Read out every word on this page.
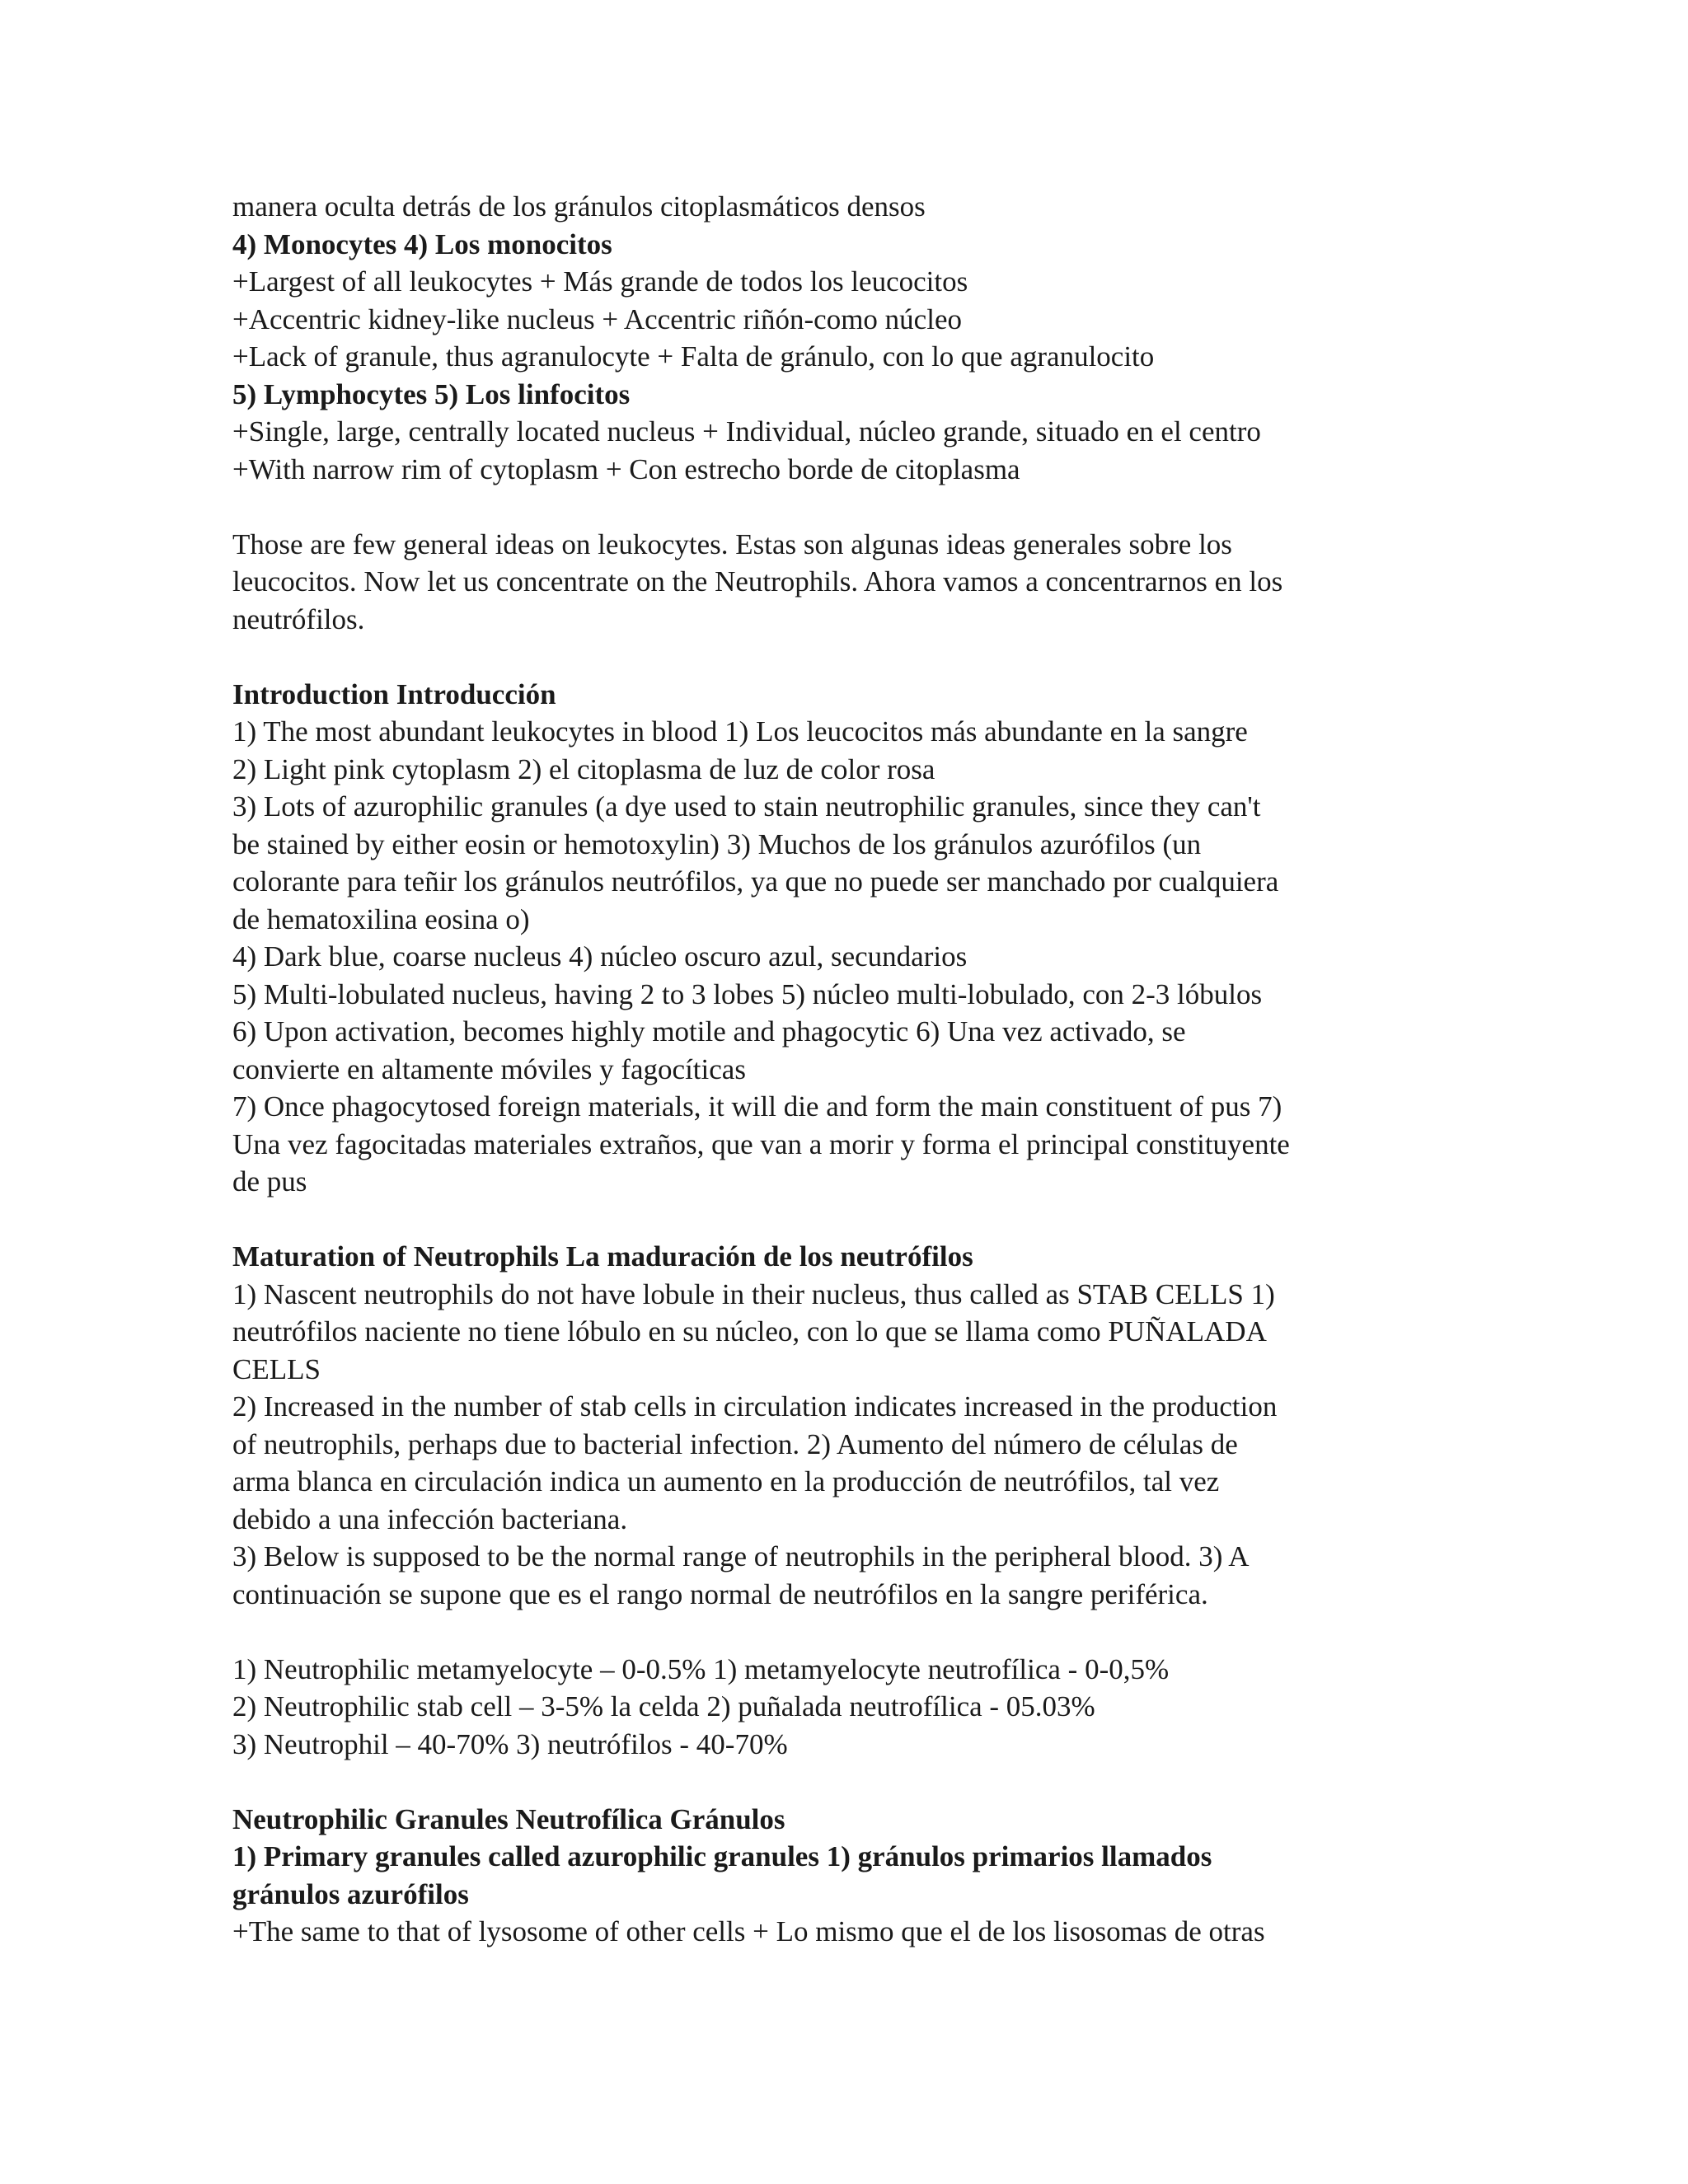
manera oculta detrás de los gránulos citoplasmáticos densos
4) Monocytes 4) Los monocitos
+Largest of all leukocytes + Más grande de todos los leucocitos
+Accentric kidney-like nucleus + Accentric riñón-como núcleo
+Lack of granule, thus agranulocyte + Falta de gránulo, con lo que agranulocito
5) Lymphocytes 5) Los linfocitos
+Single, large, centrally located nucleus + Individual, núcleo grande, situado en el centro
+With narrow rim of cytoplasm + Con estrecho borde de citoplasma
Those are few general ideas on leukocytes. Estas son algunas ideas generales sobre los
leucocitos. Now let us concentrate on the Neutrophils. Ahora vamos a concentrarnos en los
neutrófilos.
Introduction Introducción
1) The most abundant leukocytes in blood 1) Los leucocitos más abundante en la sangre
2) Light pink cytoplasm 2) el citoplasma de luz de color rosa
3) Lots of azurophilic granules (a dye used to stain neutrophilic granules, since they can't
be stained by either eosin or hemotoxylin) 3) Muchos de los gránulos azurófilos (un
colorante para teñir los gránulos neutrófilos, ya que no puede ser manchado por cualquiera
de hematoxilina eosina o)
4) Dark blue, coarse nucleus 4) núcleo oscuro azul, secundarios
5) Multi-lobulated nucleus, having 2 to 3 lobes 5) núcleo multi-lobulado, con 2-3 lóbulos
6) Upon activation, becomes highly motile and phagocytic 6) Una vez activado, se
convierte en altamente móviles y fagocíticas
7) Once phagocytosed foreign materials, it will die and form the main constituent of pus 7)
Una vez fagocitadas materiales extraños, que van a morir y forma el principal constituyente
de pus
Maturation of Neutrophils La maduración de los neutrófilos
1) Nascent neutrophils do not have lobule in their nucleus, thus called as STAB CELLS 1)
neutrófilos naciente no tiene lóbulo en su núcleo, con lo que se llama como PUÑALADA
CELLS
2) Increased in the number of stab cells in circulation indicates increased in the production
of neutrophils, perhaps due to bacterial infection. 2) Aumento del número de células de
arma blanca en circulación indica un aumento en la producción de neutrófilos, tal vez
debido a una infección bacteriana.
3) Below is supposed to be the normal range of neutrophils in the peripheral blood. 3) A
continuación se supone que es el rango normal de neutrófilos en la sangre periférica.
1) Neutrophilic metamyelocyte – 0-0.5% 1) metamyelocyte neutrofílica - 0-0,5%
2) Neutrophilic stab cell – 3-5% la celda 2) puñalada neutrofílica - 05.03%
3) Neutrophil – 40-70% 3) neutrófilos - 40-70%
Neutrophilic Granules Neutrofílica Gránulos
1) Primary granules called azurophilic granules 1) gránulos primarios llamados
gránulos azurófilos
+The same to that of lysosome of other cells + Lo mismo que el de los lisosomas de otras
